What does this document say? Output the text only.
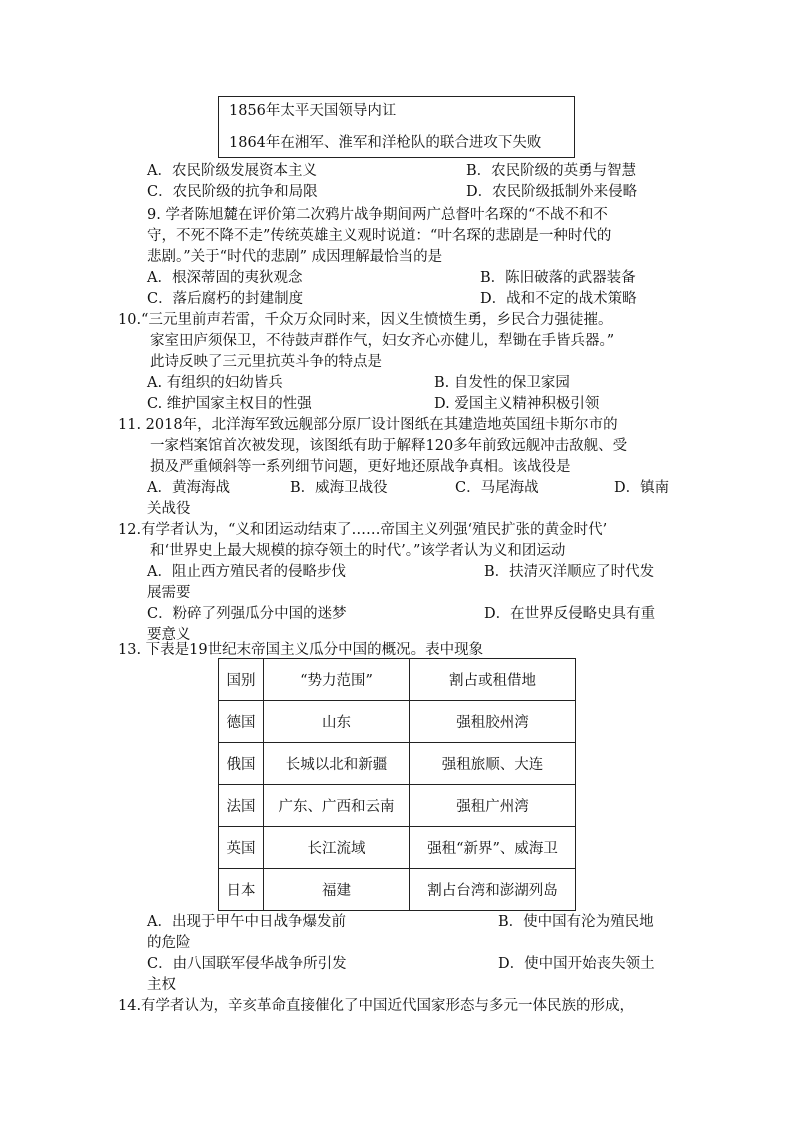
1856年太平天国领导内讧
1864年在湘军、淮军和洋枪队的联合进攻下失败
A．农民阶级发展资本主义	B．农民阶级的英勇与智慧
C．农民阶级的抗争和局限	D．农民阶级抵制外来侵略
9. 学者陈旭麓在评价第二次鸦片战争期间两广总督叶名琛的“不战不和不
守，不死不降不走”传统英雄主义观时说道：“叶名琛的悲剧是一种时代的
悲剧。”关于“时代的悲剧” 成因理解最恰当的是
A．根深蒂固的夷狄观念	B．陈旧破落的武器装备
C．落后腐朽的封建制度	D．战和不定的战术策略
10.“三元里前声若雷，千众万众同时来，因义生愤愤生勇，乡民合力强徒摧。
家室田庐须保卫，不待鼓声群作气，妇女齐心亦健儿，犁锄在手皆兵器。”
此诗反映了三元里抗英斗争的特点是
A. 有组织的妇幼皆兵	B. 自发性的保卫家园
C. 维护国家主权目的性强	D. 爱国主义精神积极引领
11. 2018年，北洋海军致远舰部分原厂设计图纸在其建造地英国纽卡斯尔市的
一家档案馆首次被发现，该图纸有助于解释120多年前致远舰冲击敌舰、受
损及严重倾斜等一系列细节问题，更好地还原战争真相。该战役是
A．黄海海战	B．威海卫战役	C．马尾海战	D．镇南
关战役
12.有学者认为，“义和团运动结束了……帝国主义列强‘殖民扩张的黄金时代’
和‘世界史上最大规模的掠夺领土的时代’。”该学者认为义和团运动
A．阻止西方殖民者的侵略步伐	B．扶清灭洋顺应了时代发
展需要
C．粉碎了列强瓜分中国的迷梦	D．在世界反侵略史具有重
要意义
13. 下表是19世纪末帝国主义瓜分中国的概况。表中现象
国别	“势力范围”	割占或租借地
德国	山东	强租胶州湾
俄国	长城以北和新疆	强租旅顺、大连
法国	广东、广西和云南	强租广州湾
英国	长江流域	强租“新界”、威海卫
日本	福建	割占台湾和澎湖列岛
A．出现于甲午中日战争爆发前	B．使中国有沦为殖民地
的危险
C．由八国联军侵华战争所引发	D．使中国开始丧失领土
主权
14.有学者认为，辛亥革命直接催化了中国近代国家形态与多元一体民族的形成，
